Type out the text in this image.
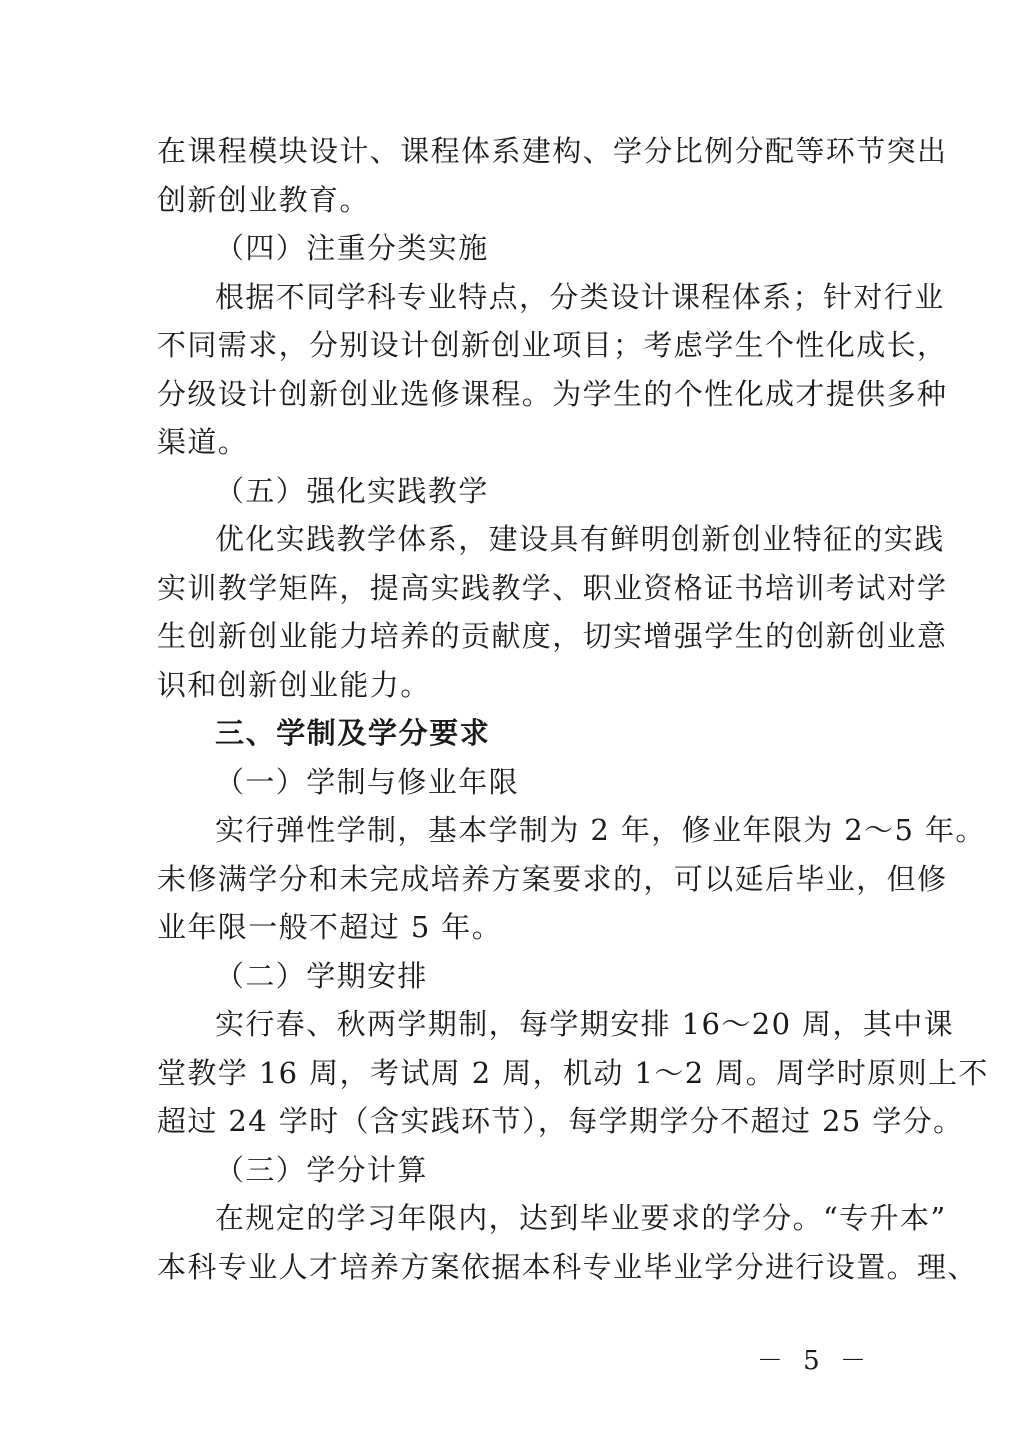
在课程模块设计、课程体系建构、学分比例分配等环节突出
创新创业教育。
（四）注重分类实施
根据不同学科专业特点，分类设计课程体系；针对行业
不同需求，分别设计创新创业项目；考虑学生个性化成长，
分级设计创新创业选修课程。为学生的个性化成才提供多种
渠道。
（五）强化实践教学
优化实践教学体系，建设具有鲜明创新创业特征的实践
实训教学矩阵，提高实践教学、职业资格证书培训考试对学
生创新创业能力培养的贡献度，切实增强学生的创新创业意
识和创新创业能力。
三、学制及学分要求
（一）学制与修业年限
实行弹性学制，基本学制为 2 年，修业年限为 2～5 年。
未修满学分和未完成培养方案要求的，可以延后毕业，但修
业年限一般不超过 5 年。
（二）学期安排
实行春、秋两学期制，每学期安排 16～20 周，其中课
堂教学 16 周，考试周 2 周，机动 1～2 周。周学时原则上不
超过 24 学时（含实践环节），每学期学分不超过 25 学分。
（三）学分计算
在规定的学习年限内，达到毕业要求的学分。“专升本”
本科专业人才培养方案依据本科专业毕业学分进行设置。理、
－ 5 －
